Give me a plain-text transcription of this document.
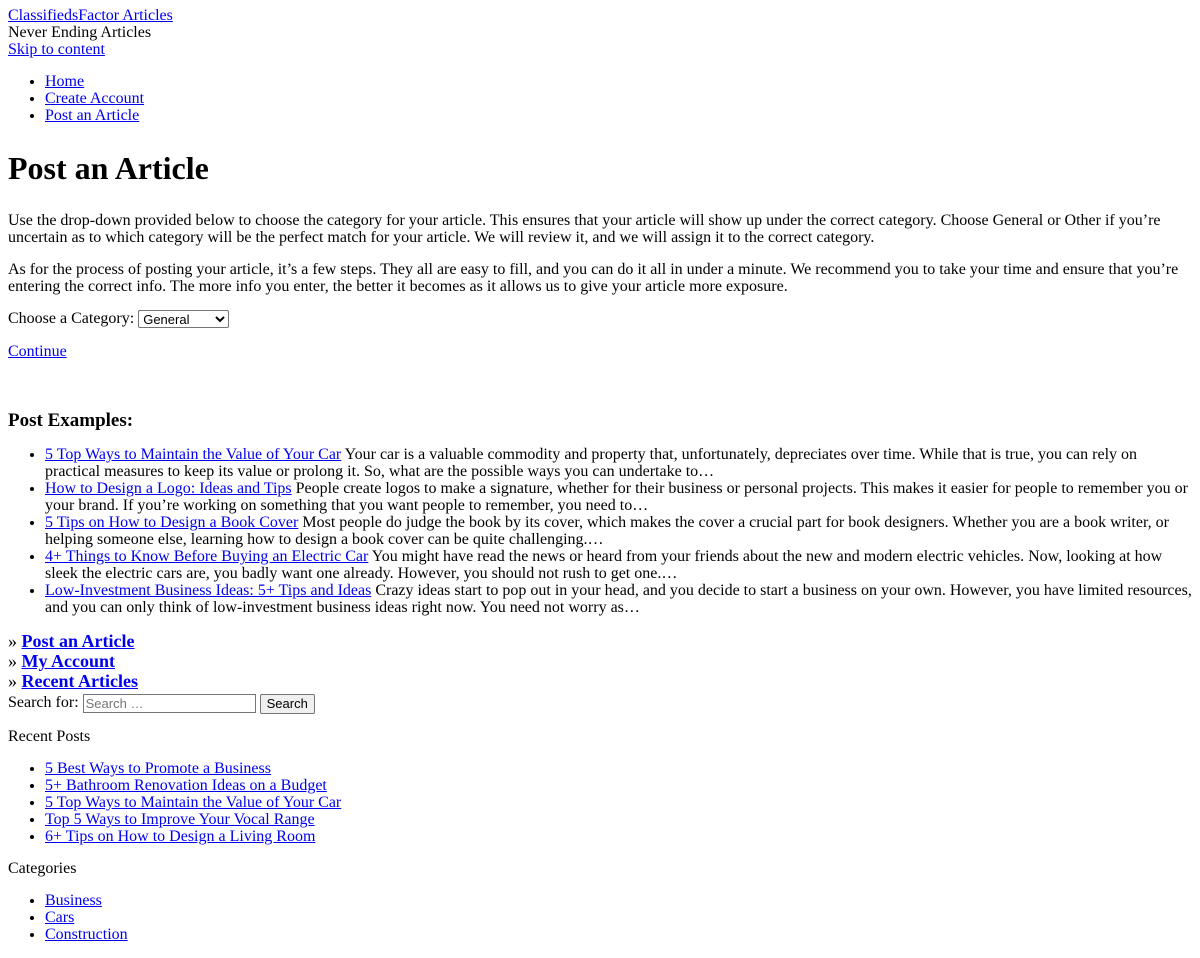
ClassifiedsFactor Articles
Never Ending Articles
Skip to content
• Home
• Create Account
• Post an Article
Post an Article

Use the drop-down provided below to choose the category for your article. This ensures that your article will show up under the correct category. Choose General or Other if you’re uncertain as to which category will be the perfect match for your article. We will review it, and we will assign it to the correct category.

As for the process of posting your article, it’s a few steps. They all are easy to fill, and you can do it all in under a minute. We recommend you to take your time and ensure that you’re entering the correct info. The more info you enter, the better it becomes as it allows us to give your article more exposure.

Choose a Category:
General
Continue
Post Examples:
• 5 Top Ways to Maintain the Value of Your Car Your car is a valuable commodity and property that, unfortunately, depreciates over time. While that is true, you can rely on practical measures to keep its value or prolong it. So, what are the possible ways you can undertake to…
• How to Design a Logo: Ideas and Tips People create logos to make a signature, whether for their business or personal projects. This makes it easier for people to remember you or your brand. If you’re working on something that you want people to remember, you need to…
• 5 Tips on How to Design a Book Cover Most people do judge the book by its cover, which makes the cover a crucial part for book designers. Whether you are a book writer, or helping someone else, learning how to design a book cover can be quite challenging.…
• 4+ Things to Know Before Buying an Electric Car You might have read the news or heard from your friends about the new and modern electric vehicles. Now, looking at how sleek the electric cars are, you badly want one already. However, you should not rush to get one.…
• Low-Investment Business Ideas: 5+ Tips and Ideas Crazy ideas start to pop out in your head, and you decide to start a business on your own. However, you have limited resources, and you can only think of low-investment business ideas right now. You need not worry as…
» Post an Article
» My Account
» Recent Articles
Search for: Search …	Search
Recent Posts
• 5 Best Ways to Promote a Business
• 5+ Bathroom Renovation Ideas on a Budget
• 5 Top Ways to Maintain the Value of Your Car
• Top 5 Ways to Improve Your Vocal Range
• 6+ Tips on How to Design a Living Room
Categories
• Business
• Cars
• Construction
